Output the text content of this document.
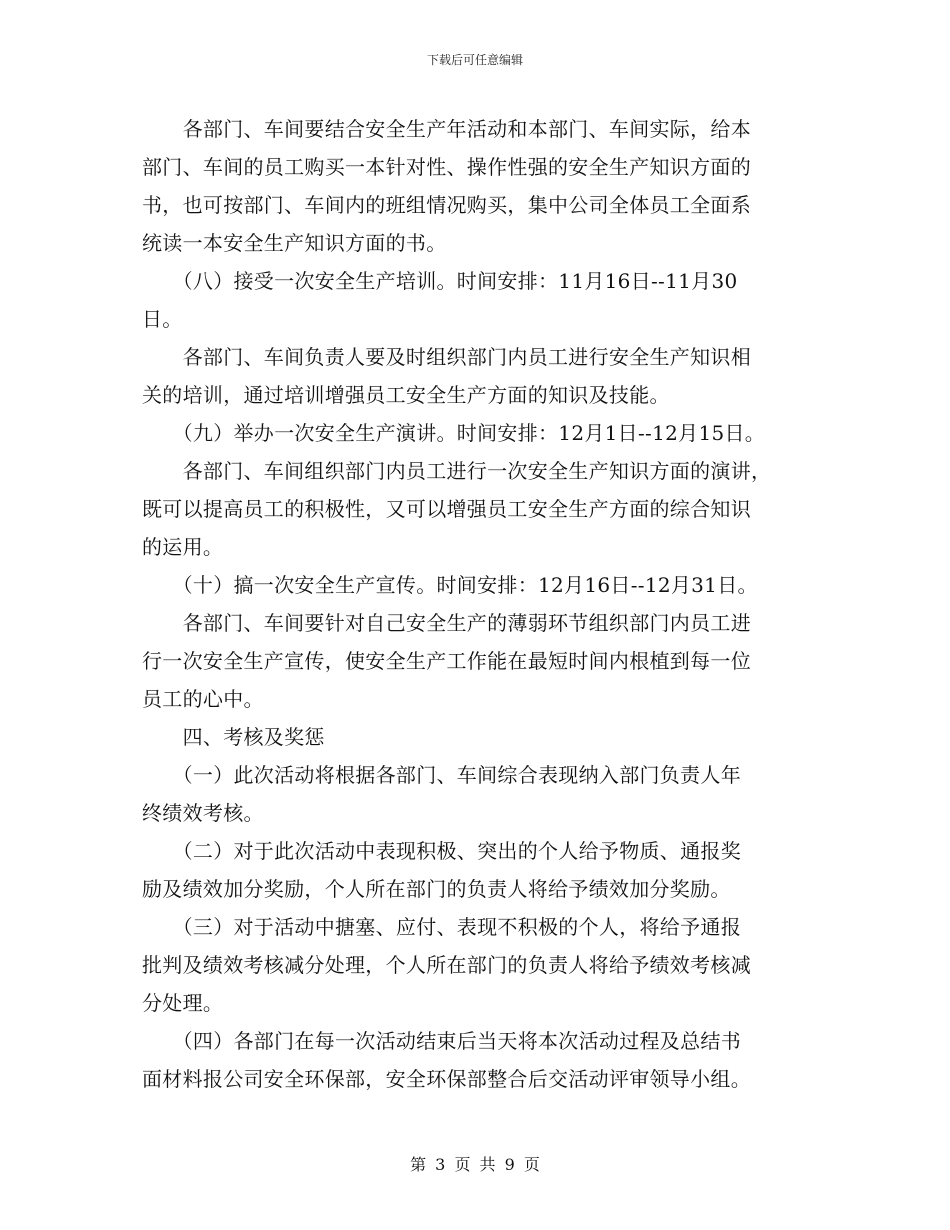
下载后可任意编辑
　　各部门、车间要结合安全生产年活动和本部门、车间实际，给本
部门、车间的员工购买一本针对性、操作性强的安全生产知识方面的
书，也可按部门、车间内的班组情况购买，集中公司全体员工全面系
统读一本安全生产知识方面的书。
　　（八）接受一次安全生产培训。时间安排：11月16日--11月30
日。
　　各部门、车间负责人要及时组织部门内员工进行安全生产知识相
关的培训，通过培训增强员工安全生产方面的知识及技能。
　　（九）举办一次安全生产演讲。时间安排：12月1日--12月15日。
　　各部门、车间组织部门内员工进行一次安全生产知识方面的演讲，
既可以提高员工的积极性，又可以增强员工安全生产方面的综合知识
的运用。
　　（十）搞一次安全生产宣传。时间安排：12月16日--12月31日。
　　各部门、车间要针对自己安全生产的薄弱环节组织部门内员工进
行一次安全生产宣传，使安全生产工作能在最短时间内根植到每一位
员工的心中。
　　四、考核及奖惩
　　（一）此次活动将根据各部门、车间综合表现纳入部门负责人年
终绩效考核。
　　（二）对于此次活动中表现积极、突出的个人给予物质、通报奖
励及绩效加分奖励，个人所在部门的负责人将给予绩效加分奖励。
　　（三）对于活动中搪塞、应付、表现不积极的个人，将给予通报
批判及绩效考核减分处理，个人所在部门的负责人将给予绩效考核减
分处理。
　　（四）各部门在每一次活动结束后当天将本次活动过程及总结书
面材料报公司安全环保部，安全环保部整合后交活动评审领导小组。
第 3 页 共 9 页
